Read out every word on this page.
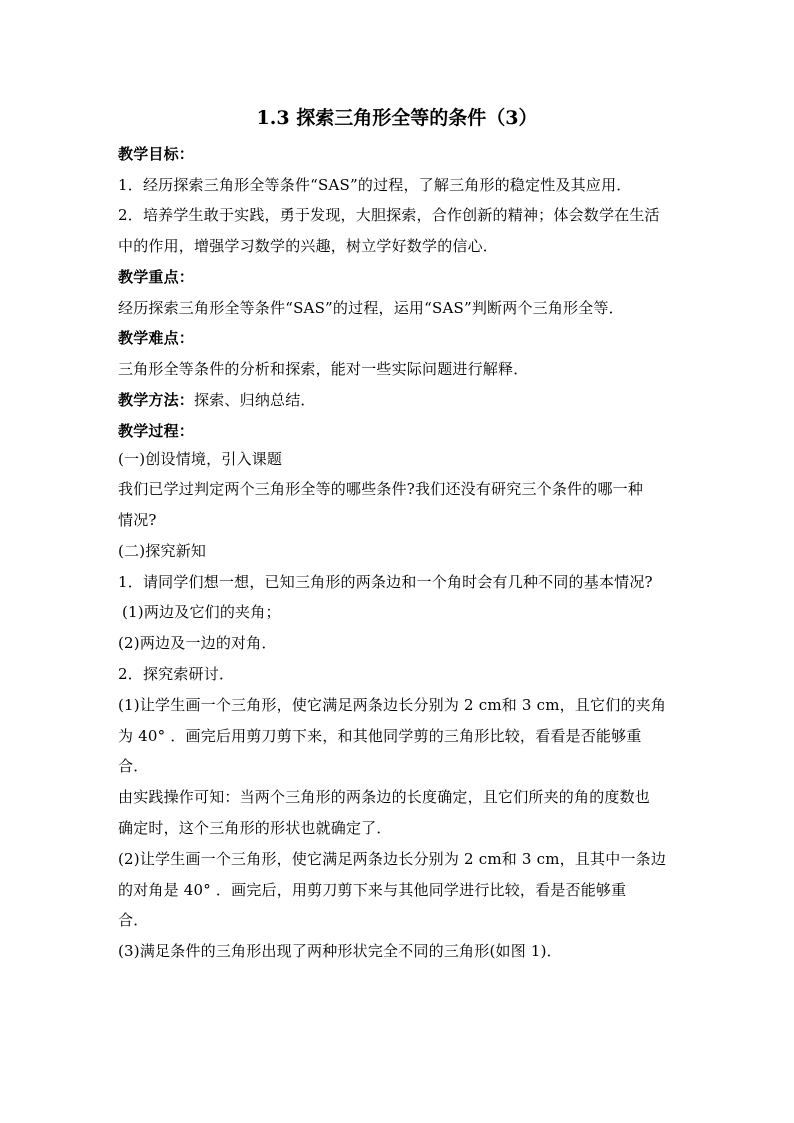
1.3 探索三角形全等的条件（3）
教学目标：
1．经历探索三角形全等条件“SAS”的过程，了解三角形的稳定性及其应用．
2．培养学生敢于实践，勇于发现，大胆探索，合作创新的精神；体会数学在生活
中的作用，增强学习数学的兴趣，树立学好数学的信心．
教学重点：
经历探索三角形全等条件“SAS”的过程，运用“SAS”判断两个三角形全等．
教学难点：
三角形全等条件的分析和探索，能对一些实际问题进行解释．
教学方法：探索、归纳总结．
教学过程：
(一)创设情境，引入课题
我们已学过判定两个三角形全等的哪些条件?我们还没有研究三个条件的哪一种
情况?
(二)探究新知
1．请同学们想一想，已知三角形的两条边和一个角时会有几种不同的基本情况?
(1)两边及它们的夹角；
(2)两边及一边的对角．
2．探究索研讨．
(1)让学生画一个三角形，使它满足两条边长分别为 2 cm和 3 cm，且它们的夹角
为 40° ．画完后用剪刀剪下来，和其他同学剪的三角形比较，看看是否能够重
合．
由实践操作可知：当两个三角形的两条边的长度确定，且它们所夹的角的度数也
确定时，这个三角形的形状也就确定了．
(2)让学生画一个三角形，使它满足两条边长分别为 2 cm和 3 cm，且其中一条边
的对角是 40° ．画完后，用剪刀剪下来与其他同学进行比较，看是否能够重
合．
(3)满足条件的三角形出现了两种形状完全不同的三角形(如图 1)．
